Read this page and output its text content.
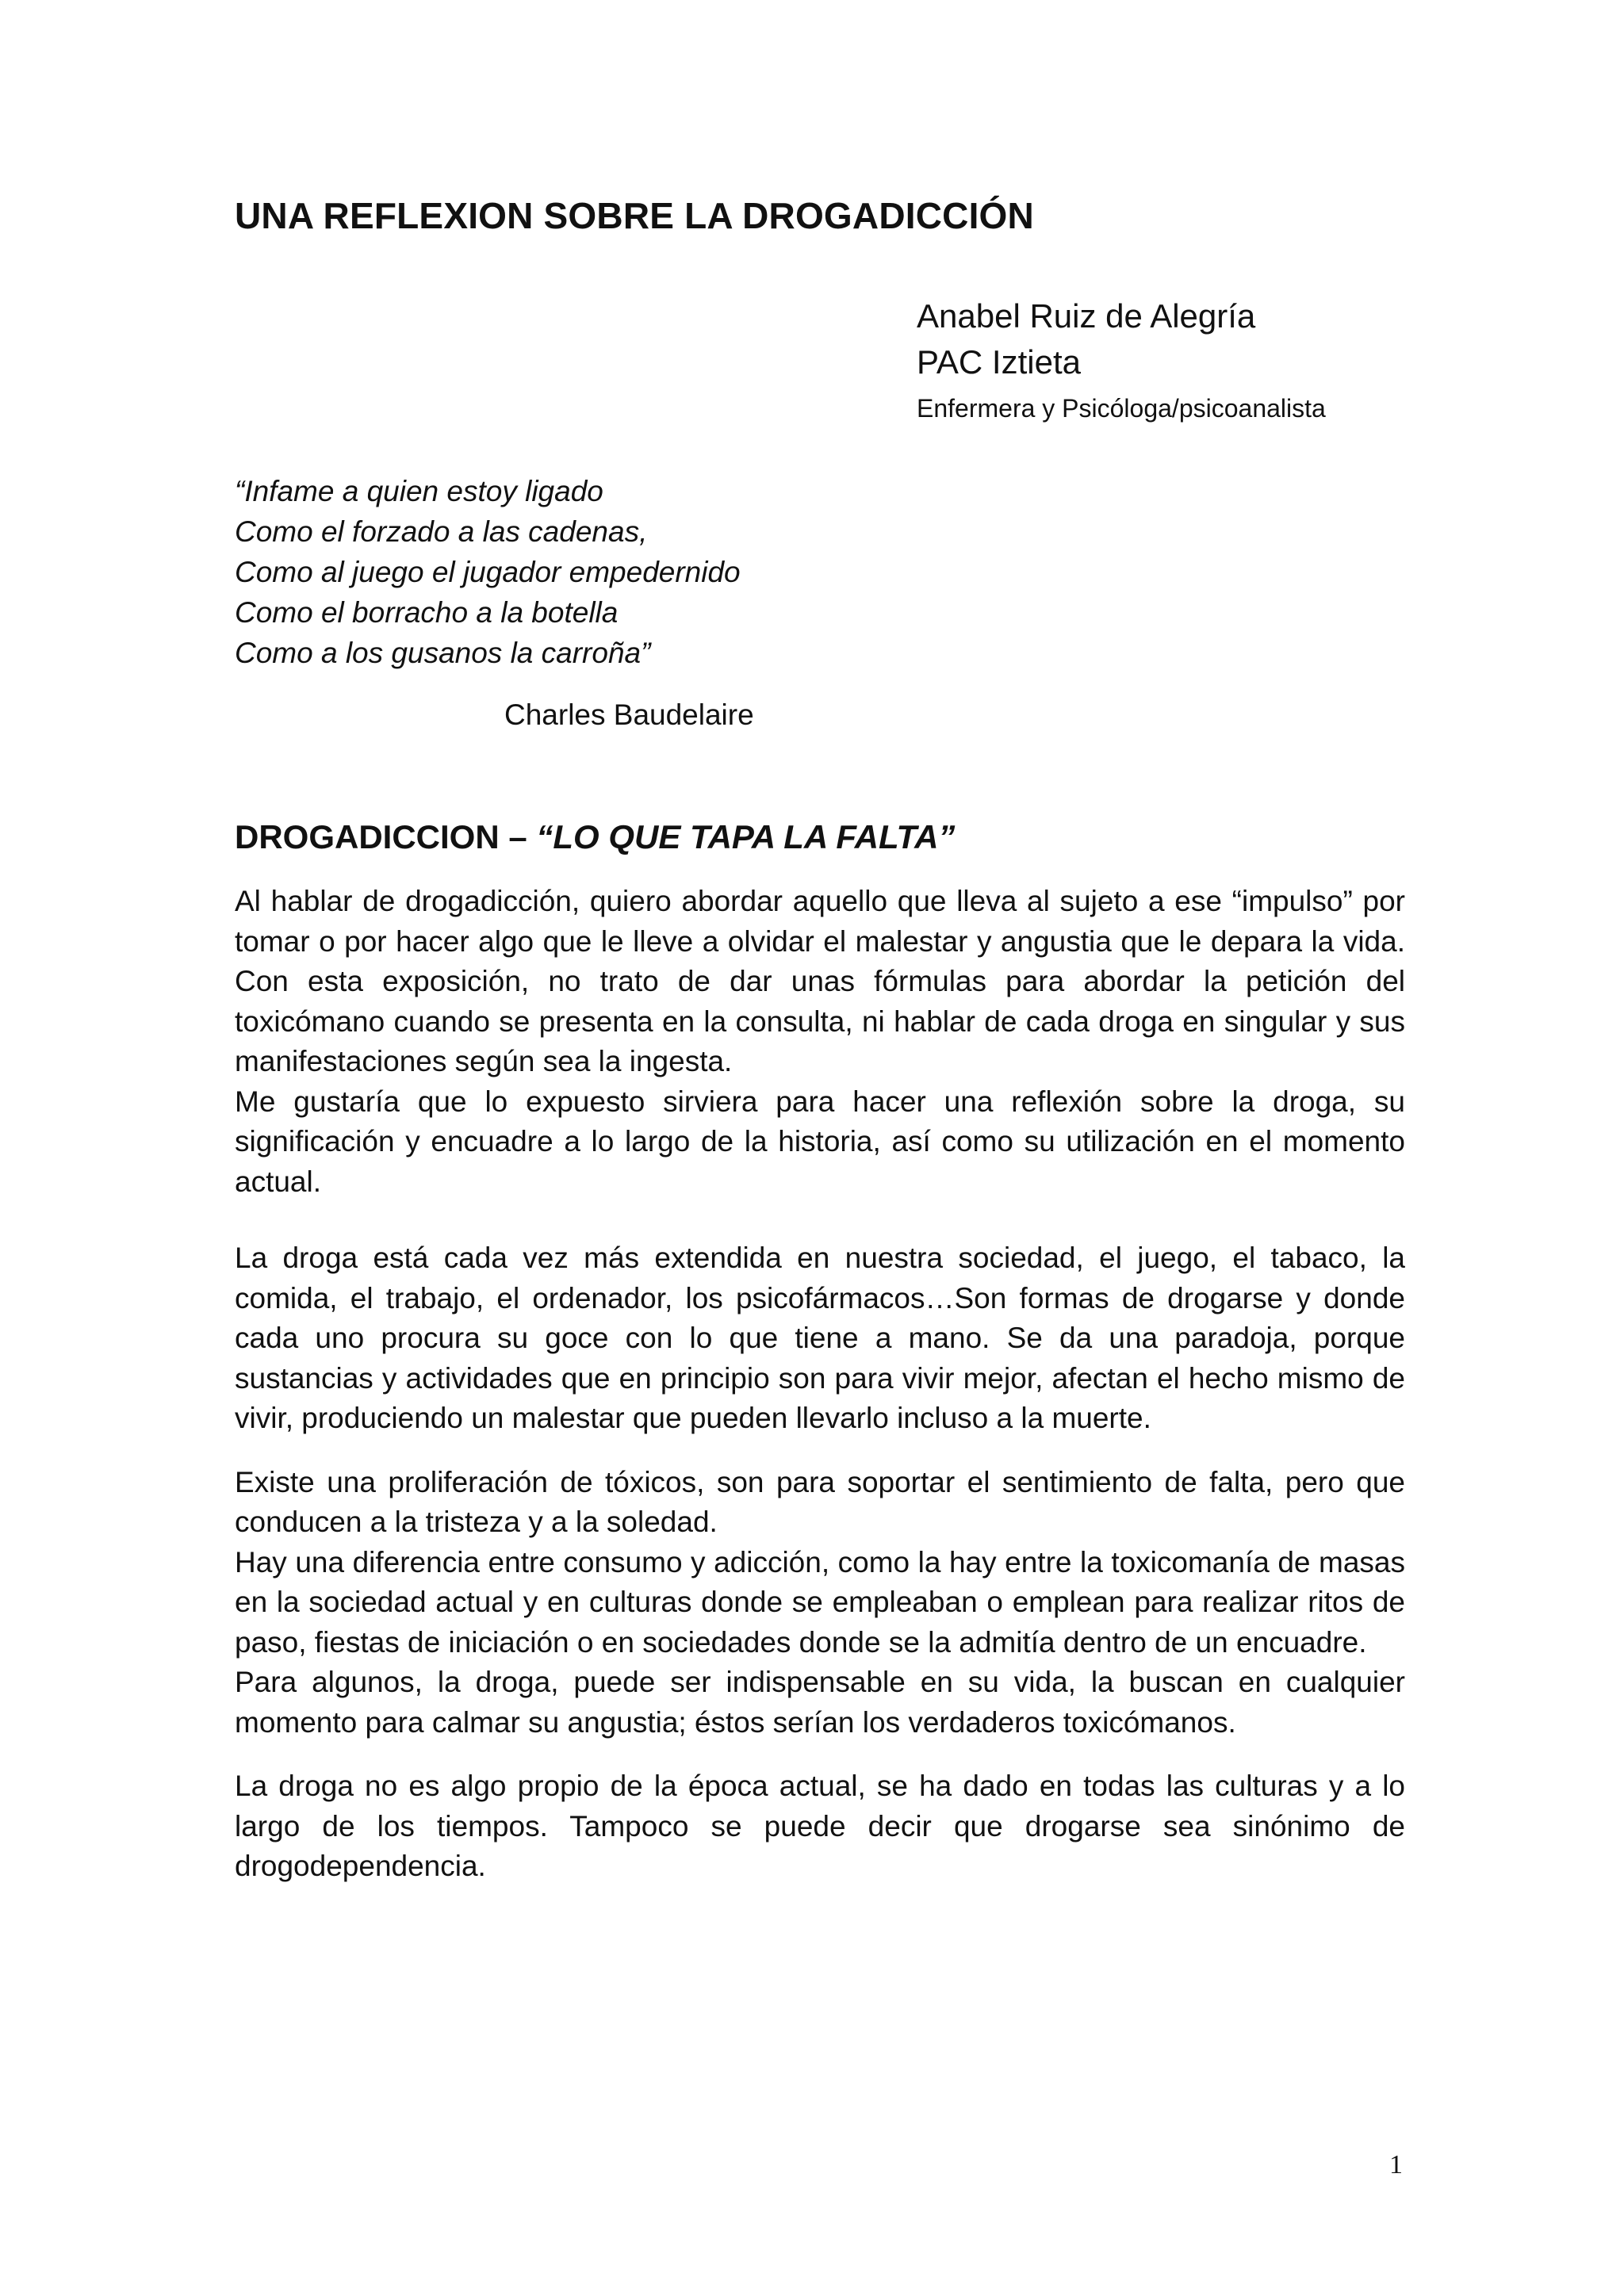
UNA REFLEXION SOBRE LA DROGADICCIÓN
Anabel Ruiz de Alegría
PAC Iztieta
Enfermera y Psicóloga/psicoanalista
“Infame a quien estoy ligado
Como el forzado a las cadenas,
Como al juego el jugador empedernido
Como el borracho a la botella
Como a los gusanos la carroña”
Charles Baudelaire
DROGADICCION – “LO QUE TAPA LA FALTA”

Al hablar de drogadicción, quiero abordar aquello que lleva al sujeto a ese “impulso” por tomar o por hacer algo que le lleve a olvidar el malestar y angustia que le depara la vida. Con esta exposición, no trato de dar unas fórmulas para abordar la petición del toxicómano cuando se presenta en la consulta, ni hablar de cada droga en singular y sus manifestaciones según sea la ingesta.

Me gustaría que lo expuesto sirviera para hacer una reflexión sobre la droga, su significación y encuadre a lo largo de la historia, así como su utilización en el momento actual.

La droga está cada vez más extendida en nuestra sociedad, el juego, el tabaco, la comida, el trabajo, el ordenador, los psicofármacos…Son formas de drogarse y donde cada uno procura su goce con lo que tiene a mano. Se da una paradoja, porque sustancias y actividades que en principio son para vivir mejor, afectan el hecho mismo de vivir, produciendo un malestar que pueden llevarlo incluso a la muerte.

Existe una proliferación de tóxicos, son para soportar el sentimiento de falta, pero que conducen a la tristeza y a la soledad.

Hay una diferencia entre consumo y adicción, como la hay entre la toxicomanía de masas en la sociedad actual y en culturas donde se empleaban o emplean para realizar ritos de paso, fiestas de iniciación o en sociedades donde se la admitía dentro de un encuadre.

Para algunos, la droga, puede ser indispensable en su vida, la buscan en cualquier momento para calmar su angustia; éstos serían los verdaderos toxicómanos.

La droga no es algo propio de la época actual, se ha dado en todas las culturas y a lo largo de los tiempos. Tampoco se puede decir que drogarse sea sinónimo de drogodependencia.

1
